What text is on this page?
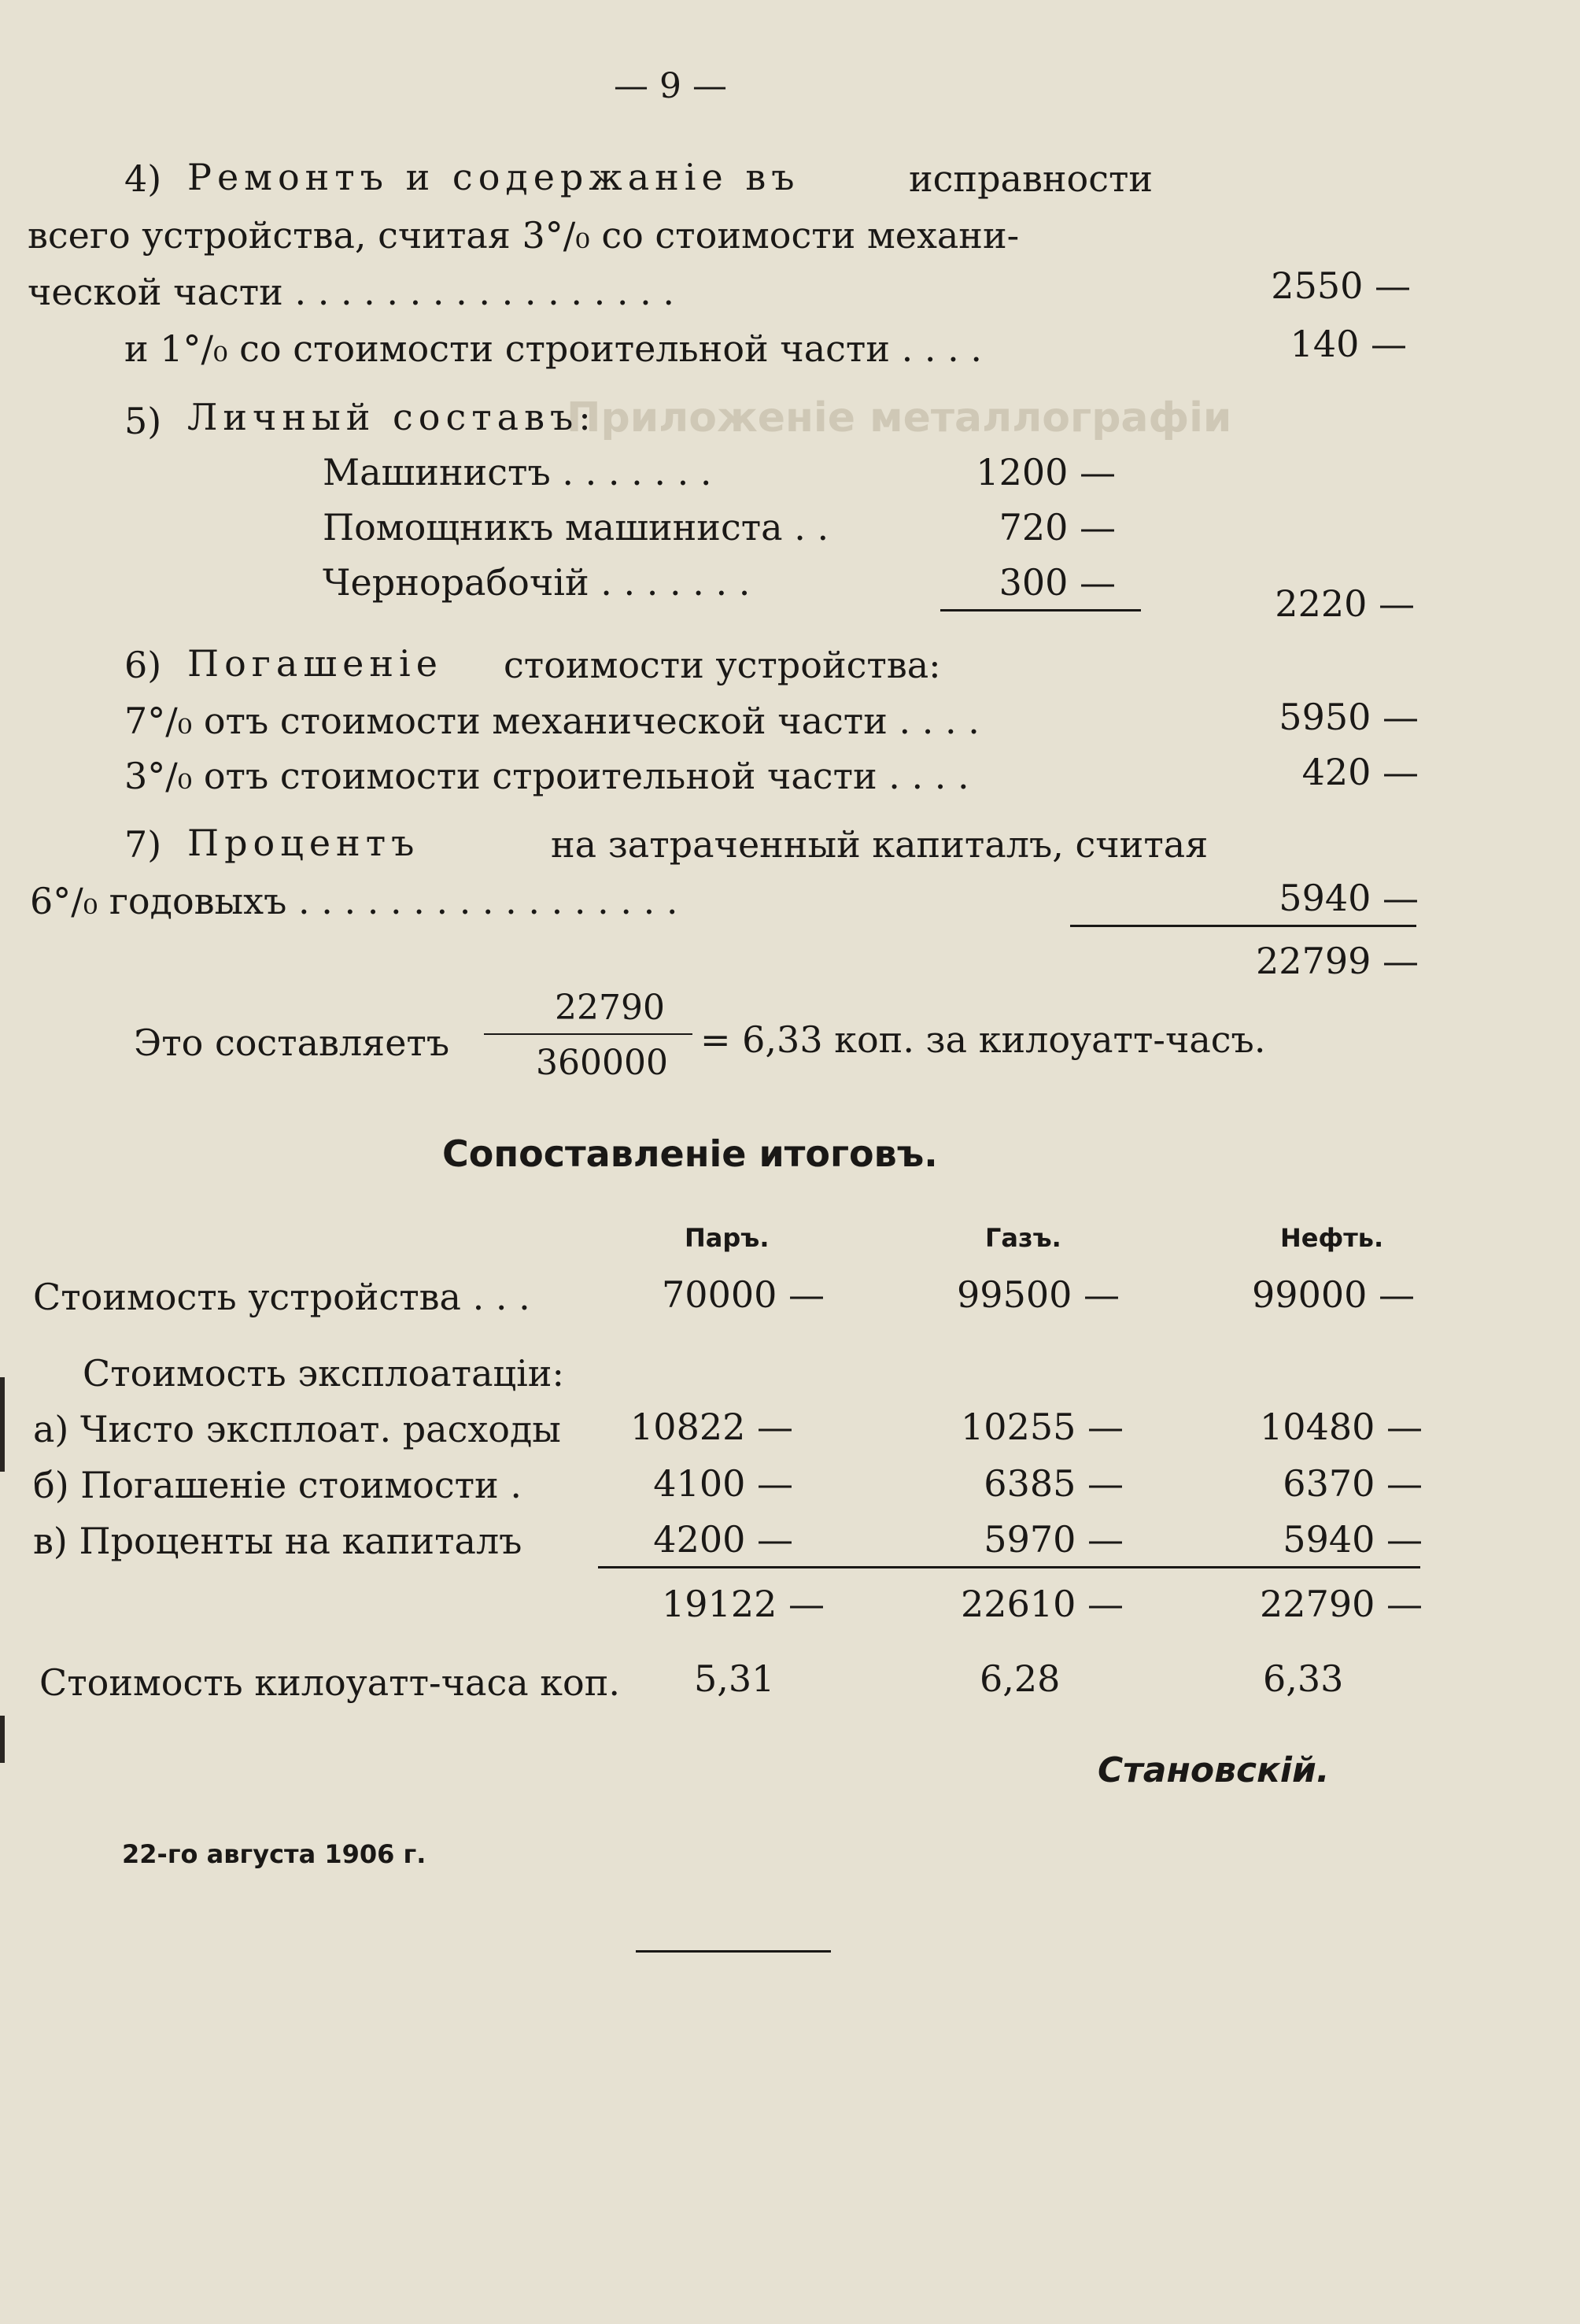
Приложеніе металлографіи
— 9 —
4) Ремонтъ и содержаніе въ	исправности
всего устройства, считая 3°/₀ со стоимости механи-
ческой части . . . . . . . . . . . . . . . . .	2550 —
и 1°/₀ со стоимости строительной части . . . .	140 —
5) Личный составъ:
Машинистъ . . . . . . .	1200 —
Помощникъ машиниста . .	720 —
Чернорабочій . . . . . . .	300 —	2220 —
6) Погашеніе стоимости устройства:
7°/₀ отъ стоимости механической части . . . .	5950 —
3°/₀ отъ стоимости строительной части . . . .	420 —
7) Процентъ	на затраченный капиталъ, считая
6°/₀ годовыхъ . . . . . . . . . . . . . . . . .	5940 —
22799 —
Это составляетъ
22790
360000
= 6,33 коп. за килоуатт-часъ.
Сопоставленіе итоговъ.
Паръ.	Газъ.	Нефть.
Стоимость устройства . . .	70000 —	99500 —	99000 —
Стоимость эксплоатаціи:
а) Чисто эксплоат. расходы 10822 —	10255 —	10480 —
б) Погашеніе стоимости .	4100 —	6385 —	6370 —
в) Проценты на капиталъ	4200 —	5970 —	5940 —
19122 —	22610 —	22790 —
Стоимость килоуатт-часа коп. 5,31	6,28	6,33
Становскій.
22-го августа 1906 г.
